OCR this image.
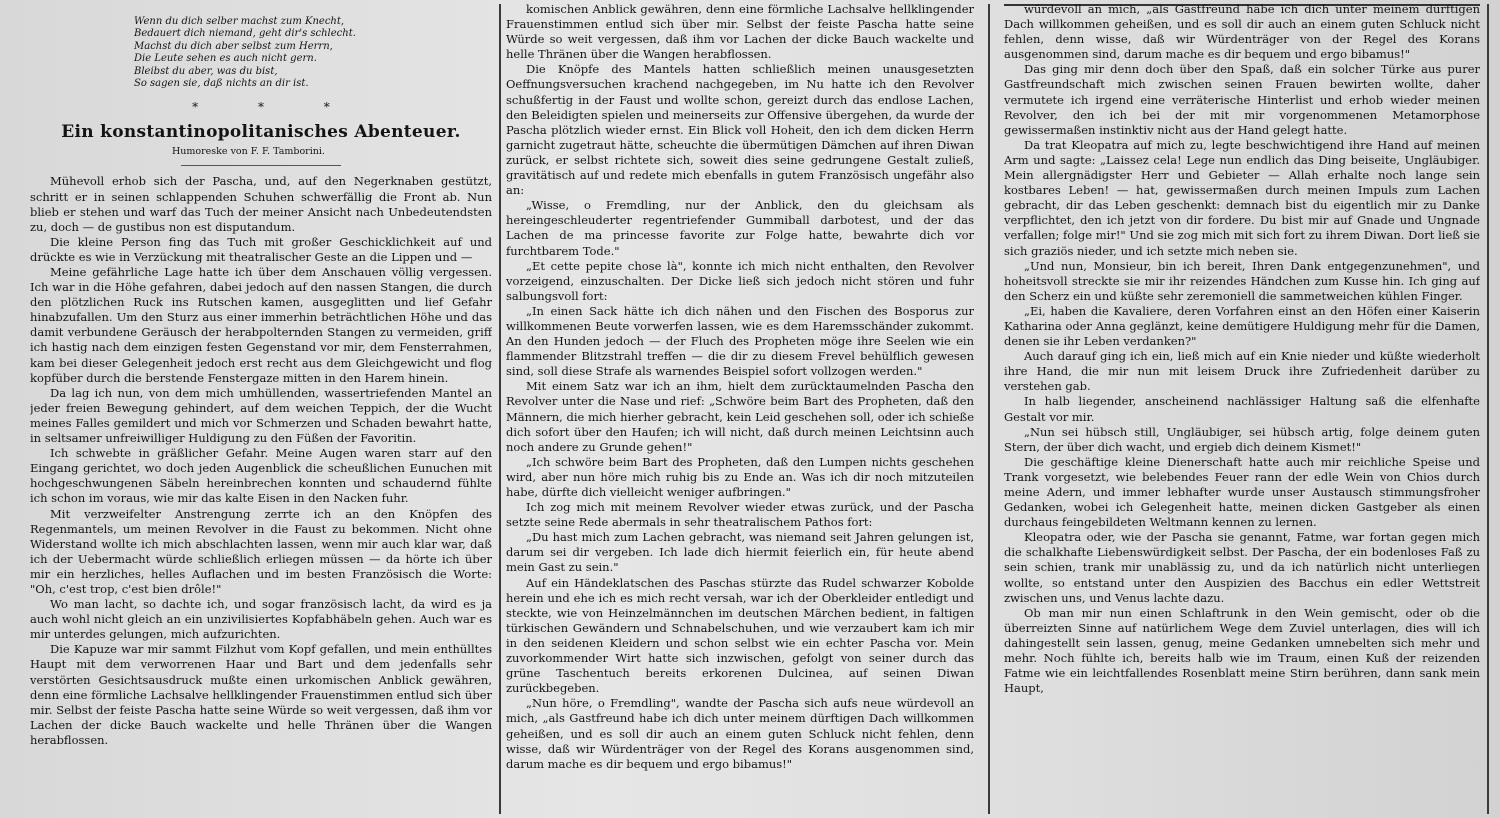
Wenn du dich selber machst zum Knecht,
Bedauert dich niemand, geht dir's schlecht.
Machst du dich aber selbst zum Herrn,
Die Leute sehen es auch nicht gern.
Bleibst du aber, was du bist,
So sagen sie, daß nichts an dir ist.
* * *
Ein konstantinopolitanisches Abenteuer.
Humoreske von F. F. Tamborini.

Mühevoll erhob sich der Pascha, und, auf den Negerknaben gestützt, schritt er in seinen schlappenden Schuhen schwerfällig die Front ab. Nun blieb er stehen und warf das Tuch der meiner Ansicht nach Unbedeutendsten zu, doch — de gustibus non est disputandum.

Die kleine Person fing das Tuch mit großer Geschicklichkeit auf und drückte es wie in Verzückung mit theatralischer Geste an die Lippen und —

Meine gefährliche Lage hatte ich über dem Anschauen völlig vergessen. Ich war in die Höhe gefahren, dabei jedoch auf den nassen Stangen, die durch den plötzlichen Ruck ins Rutschen kamen, ausgeglitten und lief Gefahr hinabzufallen. Um den Sturz aus einer immerhin beträchtlichen Höhe und das damit verbundene Geräusch der herabpolternden Stangen zu vermeiden, griff ich hastig nach dem einzigen festen Gegenstand vor mir, dem Fensterrahmen, kam bei dieser Gelegenheit jedoch erst recht aus dem Gleichgewicht und flog kopfüber durch die berstende Fenstergaze mitten in den Harem hinein.

Da lag ich nun, von dem mich umhüllenden, wassertriefenden Mantel an jeder freien Bewegung gehindert, auf dem weichen Teppich, der die Wucht meines Falles gemildert und mich vor Schmerzen und Schaden bewahrt hatte, in seltsamer unfreiwilliger Huldigung zu den Füßen der Favoritin.

Ich schwebte in gräßlicher Gefahr. Meine Augen waren starr auf den Eingang gerichtet, wo doch jeden Augenblick die scheußlichen Eunuchen mit hochgeschwungenen Säbeln hereinbrechen konnten und schaudernd fühlte ich schon im voraus, wie mir das kalte Eisen in den Nacken fuhr.

Mit verzweifelter Anstrengung zerrte ich an den Knöpfen des Regenmantels, um meinen Revolver in die Faust zu bekommen. Nicht ohne Widerstand wollte ich mich abschlachten lassen, wenn mir auch klar war, daß ich der Uebermacht würde schließlich erliegen müssen — da hörte ich über mir ein herzliches, helles Auflachen und im besten Französisch die Worte: "Oh, c'est trop, c'est bien drôle!"

Wo man lacht, so dachte ich, und sogar französisch lacht, da wird es ja auch wohl nicht gleich an ein unzivilisiertes Kopfabhäbeln gehen. Auch war es mir unterdes gelungen, mich aufzurichten.

Die Kapuze war mir sammt Filzhut vom Kopf gefallen, und mein enthülltes Haupt mit dem verworrenen Haar und Bart und dem jedenfalls sehr verstörten Gesichtsausdruck mußte einen urkomischen Anblick gewähren, denn eine förmliche Lachsalve hellklingender Frauenstimmen entlud sich über mir. Selbst der feiste Pascha hatte seine Würde so weit vergessen, daß ihm vor Lachen der dicke Bauch wackelte und helle Thränen über die Wangen herabflossen.

komischen Anblick gewähren, denn eine förmliche Lachsalve hellklingender Frauenstimmen entlud sich über mir. Selbst der feiste Pascha hatte seine Würde so weit vergessen, daß ihm vor Lachen der dicke Bauch wackelte und helle Thränen über die Wangen herabflossen.

Die Knöpfe des Mantels hatten schließlich meinen unausgesetzten Oeffnungsversuchen krachend nachgegeben, im Nu hatte ich den Revolver schußfertig in der Faust und wollte schon, gereizt durch das endlose Lachen, den Beleidigten spielen und meinerseits zur Offensive übergehen, da wurde der Pascha plötzlich wieder ernst. Ein Blick voll Hoheit, den ich dem dicken Herrn garnicht zugetraut hätte, scheuchte die übermütigen Dämchen auf ihren Diwan zurück, er selbst richtete sich, soweit dies seine gedrungene Gestalt zuließ, gravitätisch auf und redete mich ebenfalls in gutem Französisch ungefähr also an:

„Wisse, o Fremdling, nur der Anblick, den du gleichsam als hereingeschleuderter regentriefender Gummiball darbotest, und der das Lachen de ma princesse favorite zur Folge hatte, bewahrte dich vor furchtbarem Tode."

„Et cette pepite chose là", konnte ich mich nicht enthalten, den Revolver vorzeigend, einzuschalten. Der Dicke ließ sich jedoch nicht stören und fuhr salbungsvoll fort:

„In einen Sack hätte ich dich nähen und den Fischen des Bosporus zur willkommenen Beute vorwerfen lassen, wie es dem Haremsschänder zukommt. An den Hunden jedoch — der Fluch des Propheten möge ihre Seelen wie ein flammender Blitzstrahl treffen — die dir zu diesem Frevel behülflich gewesen sind, soll diese Strafe als warnendes Beispiel sofort vollzogen werden."

Mit einem Satz war ich an ihm, hielt dem zurücktaumelnden Pascha den Revolver unter die Nase und rief: „Schwöre beim Bart des Propheten, daß den Männern, die mich hierher gebracht, kein Leid geschehen soll, oder ich schieße dich sofort über den Haufen; ich will nicht, daß durch meinen Leichtsinn auch noch andere zu Grunde gehen!"

„Ich schwöre beim Bart des Propheten, daß den Lumpen nichts geschehen wird, aber nun höre mich ruhig bis zu Ende an. Was ich dir noch mitzuteilen habe, dürfte dich vielleicht weniger aufbringen."

Ich zog mich mit meinem Revolver wieder etwas zurück, und der Pascha setzte seine Rede abermals in sehr theatralischem Pathos fort:

„Du hast mich zum Lachen gebracht, was niemand seit Jahren gelungen ist, darum sei dir vergeben. Ich lade dich hiermit feierlich ein, für heute abend mein Gast zu sein."

Auf ein Händeklatschen des Paschas stürzte das Rudel schwarzer Kobolde herein und ehe ich es mich recht versah, war ich der Oberkleider entledigt und steckte, wie von Heinzelmännchen im deutschen Märchen bedient, in faltigen türkischen Gewändern und Schnabelschuhen, und wie verzaubert kam ich mir in den seidenen Kleidern und schon selbst wie ein echter Pascha vor. Mein zuvorkommender Wirt hatte sich inzwischen, gefolgt von seiner durch das grüne Taschentuch bereits erkorenen Dulcinea, auf seinen Diwan zurückbegeben.

„Nun höre, o Fremdling", wandte der Pascha sich aufs neue würdevoll an mich, „als Gastfreund habe ich dich unter meinem dürftigen Dach willkommen geheißen, und es soll dir auch an einem guten Schluck nicht fehlen, denn wisse, daß wir Würdenträger von der Regel des Korans ausgenommen sind, darum mache es dir bequem und ergo bibamus!"

würdevoll an mich, „als Gastfreund habe ich dich unter meinem dürftigen Dach willkommen geheißen, und es soll dir auch an einem guten Schluck nicht fehlen, denn wisse, daß wir Würdenträger von der Regel des Korans ausgenommen sind, darum mache es dir bequem und ergo bibamus!"

Das ging mir denn doch über den Spaß, daß ein solcher Türke aus purer Gastfreundschaft mich zwischen seinen Frauen bewirten wollte, daher vermutete ich irgend eine verräterische Hinterlist und erhob wieder meinen Revolver, den ich bei der mit mir vorgenommenen Metamorphose gewissermaßen instinktiv nicht aus der Hand gelegt hatte.

Da trat Kleopatra auf mich zu, legte beschwichtigend ihre Hand auf meinen Arm und sagte: „Laissez cela! Lege nun endlich das Ding beiseite, Ungläubiger. Mein allergnädigster Herr und Gebieter — Allah erhalte noch lange sein kostbares Leben! — hat, gewissermaßen durch meinen Impuls zum Lachen gebracht, dir das Leben geschenkt: demnach bist du eigentlich mir zu Danke verpflichtet, den ich jetzt von dir fordere. Du bist mir auf Gnade und Ungnade verfallen; folge mir!" Und sie zog mich mit sich fort zu ihrem Diwan. Dort ließ sie sich graziös nieder, und ich setzte mich neben sie.

„Und nun, Monsieur, bin ich bereit, Ihren Dank entgegenzunehmen", und hoheitsvoll streckte sie mir ihr reizendes Händchen zum Kusse hin. Ich ging auf den Scherz ein und küßte sehr zeremoniell die sammetweichen kühlen Finger.

„Ei, haben die Kavaliere, deren Vorfahren einst an den Höfen einer Kaiserin Katharina oder Anna geglänzt, keine demütigere Huldigung mehr für die Damen, denen sie ihr Leben verdanken?"

Auch darauf ging ich ein, ließ mich auf ein Knie nieder und küßte wiederholt ihre Hand, die mir nun mit leisem Druck ihre Zufriedenheit darüber zu verstehen gab.

In halb liegender, anscheinend nachlässiger Haltung saß die elfenhafte Gestalt vor mir.

„Nun sei hübsch still, Ungläubiger, sei hübsch artig, folge deinem guten Stern, der über dich wacht, und ergieb dich deinem Kismet!"

Die geschäftige kleine Dienerschaft hatte auch mir reichliche Speise und Trank vorgesetzt, wie belebendes Feuer rann der edle Wein von Chios durch meine Adern, und immer lebhafter wurde unser Austausch stimmungsfroher Gedanken, wobei ich Gelegenheit hatte, meinen dicken Gastgeber als einen durchaus feingebildeten Weltmann kennen zu lernen.

Kleopatra oder, wie der Pascha sie genannt, Fatme, war fortan gegen mich die schalkhafte Liebenswürdigkeit selbst. Der Pascha, der ein bodenloses Faß zu sein schien, trank mir unablässig zu, und da ich natürlich nicht unterliegen wollte, so entstand unter den Auspizien des Bacchus ein edler Wettstreit zwischen uns, und Venus lachte dazu.

Ob man mir nun einen Schlaftrunk in den Wein gemischt, oder ob die überreizten Sinne auf natürlichem Wege dem Zuviel unterlagen, dies will ich dahingestellt sein lassen, genug, meine Gedanken umnebelten sich mehr und mehr. Noch fühlte ich, bereits halb wie im Traum, einen Kuß der reizenden Fatme wie ein leichtfallendes Rosenblatt meine Stirn berühren, dann sank mein Haupt,
